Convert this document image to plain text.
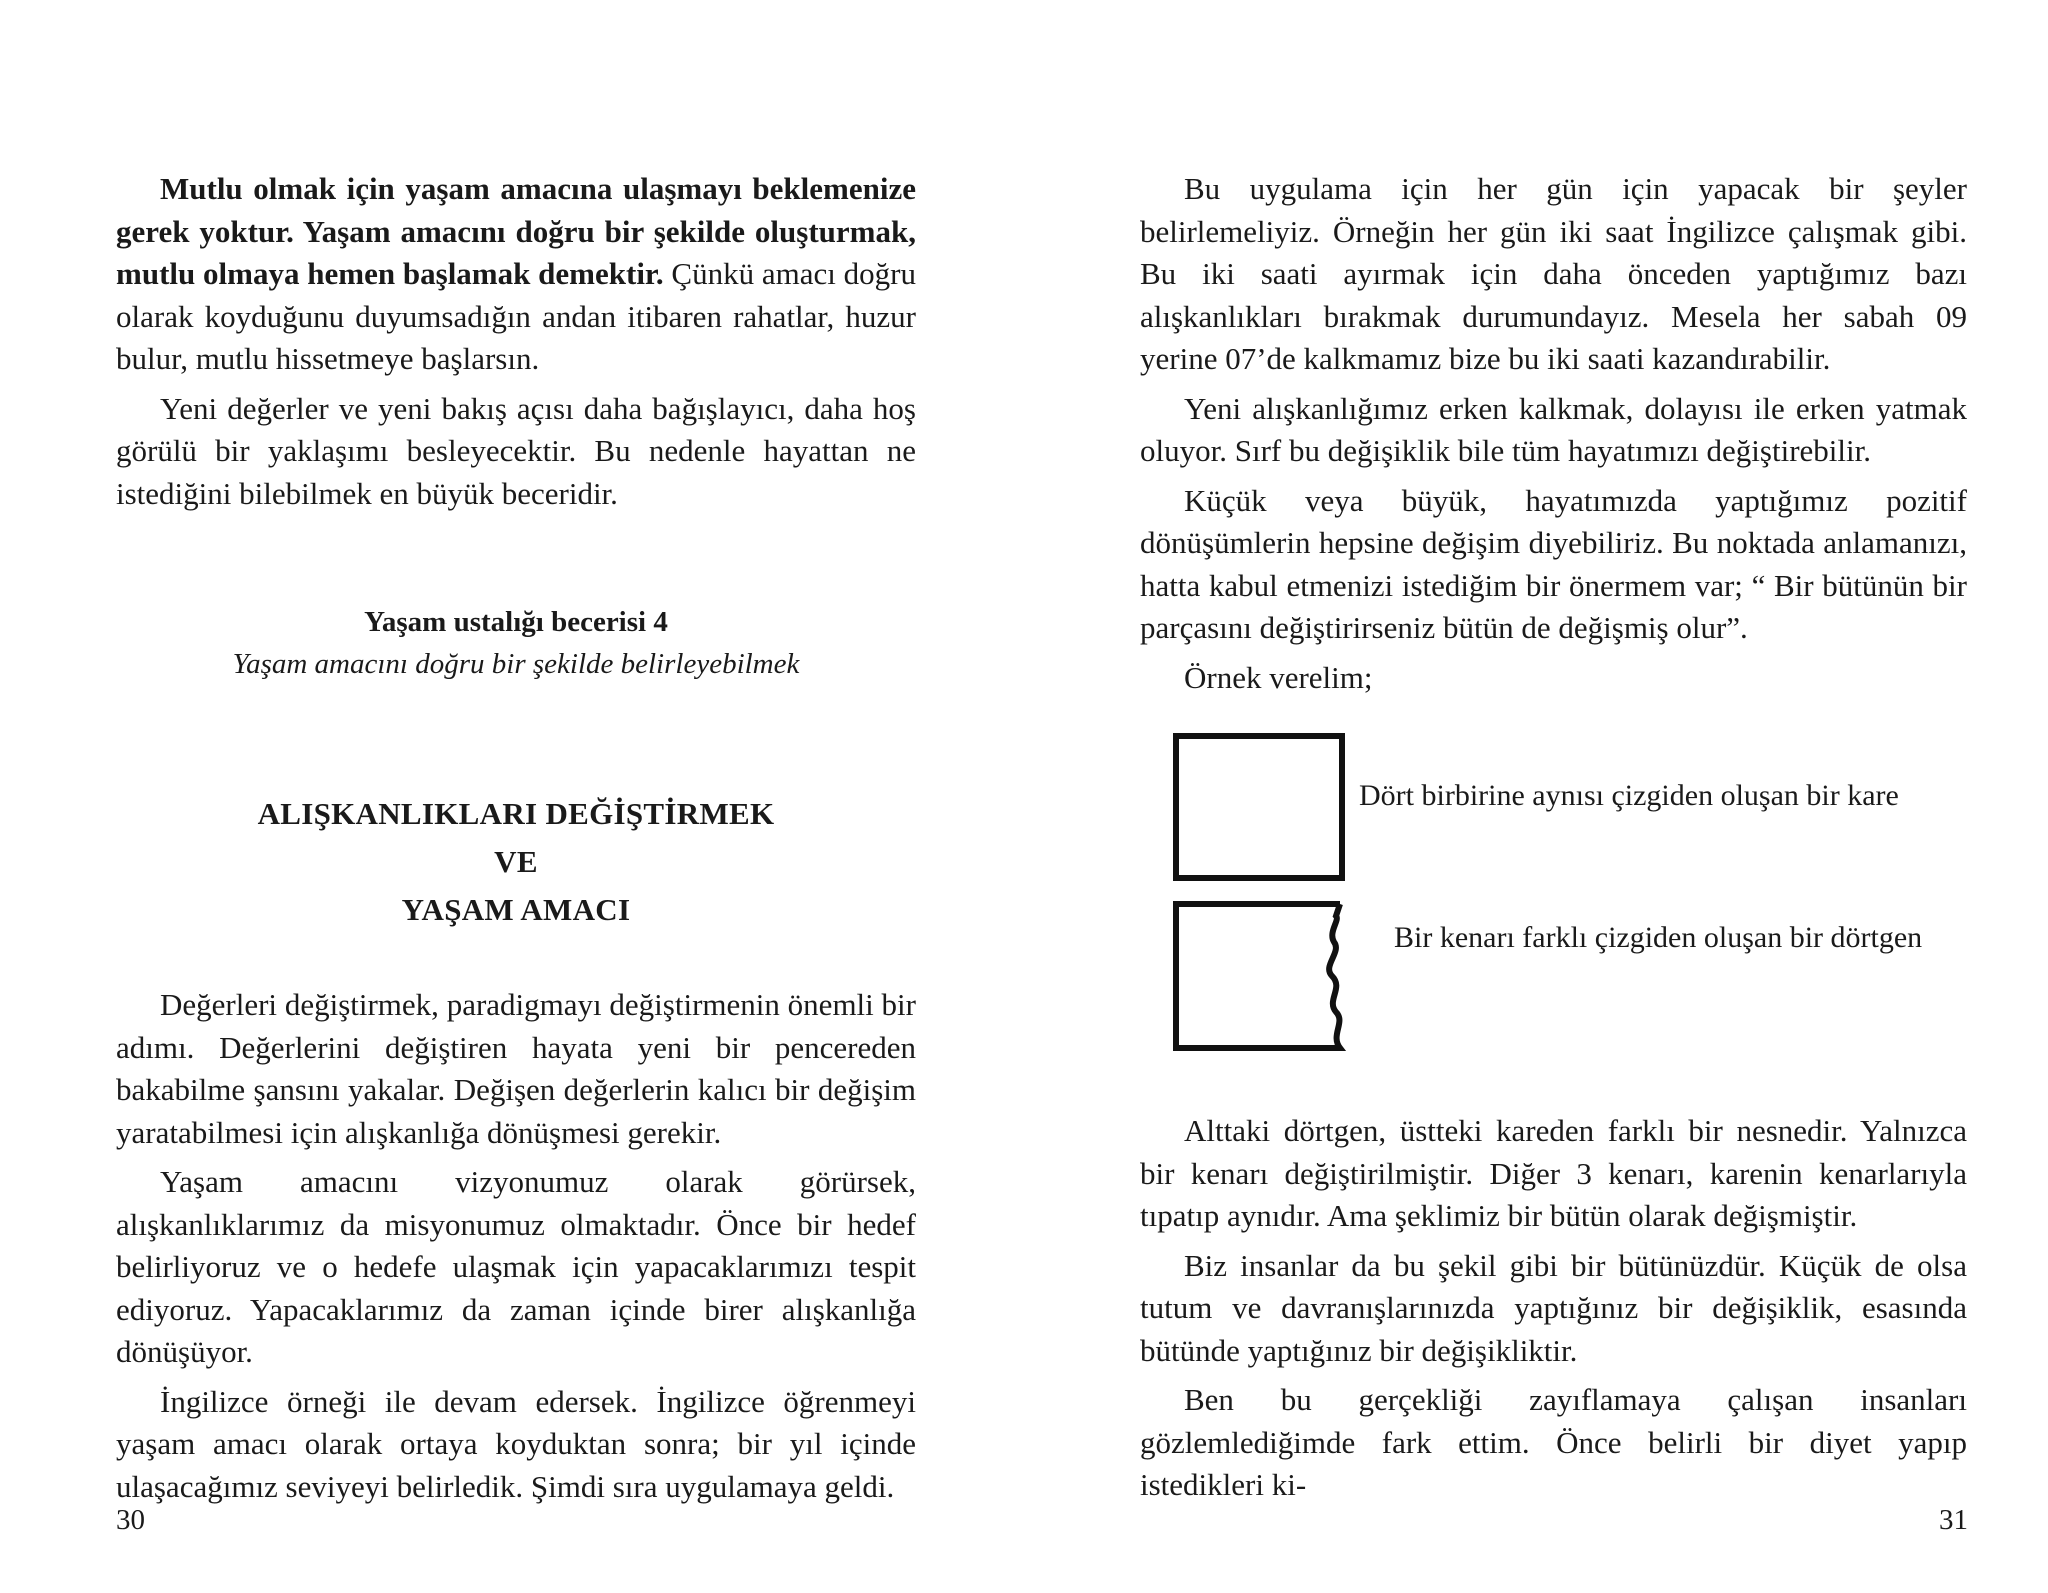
Mutlu olmak için yaşam amacına ulaşmayı beklemenize gerek yoktur. Yaşam amacını doğru bir şekilde oluşturmak, mutlu olmaya hemen başlamak demektir. Çünkü amacı doğru olarak koyduğunu duyumsadığın andan itibaren rahatlar, huzur bulur, mutlu hissetmeye başlarsın.

Yeni değerler ve yeni bakış açısı daha bağışlayıcı, daha hoş görülü bir yaklaşımı besleyecektir. Bu nedenle hayattan ne istediğini bilebilmek en büyük beceridir.

Yaşam ustalığı becerisi 4
Yaşam amacını doğru bir şekilde belirleyebilmek
ALIŞKANLIKLARI DEĞİŞTİRMEK
VE
YAŞAM AMACI

Değerleri değiştirmek, paradigmayı değiştirmenin önemli bir adımı. Değerlerini değiştiren hayata yeni bir pencereden bakabilme şansını yakalar. Değişen değerlerin kalıcı bir değişim yaratabilmesi için alışkanlığa dönüşmesi gerekir.

Yaşam amacını vizyonumuz olarak görürsek, alışkanlıklarımız da misyonumuz olmaktadır. Önce bir hedef belirliyoruz ve o hedefe ulaşmak için yapacaklarımızı tespit ediyoruz. Yapacaklarımız da zaman içinde birer alışkanlığa dönüşüyor.

İngilizce örneği ile devam edersek. İngilizce öğrenmeyi yaşam amacı olarak ortaya koyduktan sonra; bir yıl içinde ulaşacağımız seviyeyi belirledik. Şimdi sıra uygulamaya geldi.

30

Bu uygulama için her gün için yapacak bir şeyler belirlemeliyiz. Örneğin her gün iki saat İngilizce çalışmak gibi. Bu iki saati ayırmak için daha önceden yaptığımız bazı alışkanlıkları bırakmak durumundayız. Mesela her sabah 09 yerine 07’de kalkmamız bize bu iki saati kazandırabilir.

Yeni alışkanlığımız erken kalkmak, dolayısı ile erken yatmak oluyor. Sırf bu değişiklik bile tüm hayatımızı değiştirebilir.

Küçük veya büyük, hayatımızda yaptığımız pozitif dönüşümlerin hepsine değişim diyebiliriz. Bu noktada anlamanızı, hatta kabul etmenizi istediğim bir önermem var; “ Bir bütünün bir parçasını değiştirirseniz bütün de değişmiş olur”.

Örnek verelim;

Dört birbirine aynısı çizgiden oluşan bir kare
Bir kenarı farklı çizgiden oluşan bir dörtgen

Alttaki dörtgen, üstteki kareden farklı bir nesnedir. Yalnızca bir kenarı değiştirilmiştir. Diğer 3 kenarı, karenin kenarlarıyla tıpatıp aynıdır. Ama şeklimiz bir bütün olarak değişmiştir.

Biz insanlar da bu şekil gibi bir bütünüzdür. Küçük de olsa tutum ve davranışlarınızda yaptığınız bir değişiklik, esasında bütünde yaptığınız bir değişikliktir.

Ben bu gerçekliği zayıflamaya çalışan insanları gözlemlediğimde fark ettim. Önce belirli bir diyet yapıp istedikleri ki-

31
